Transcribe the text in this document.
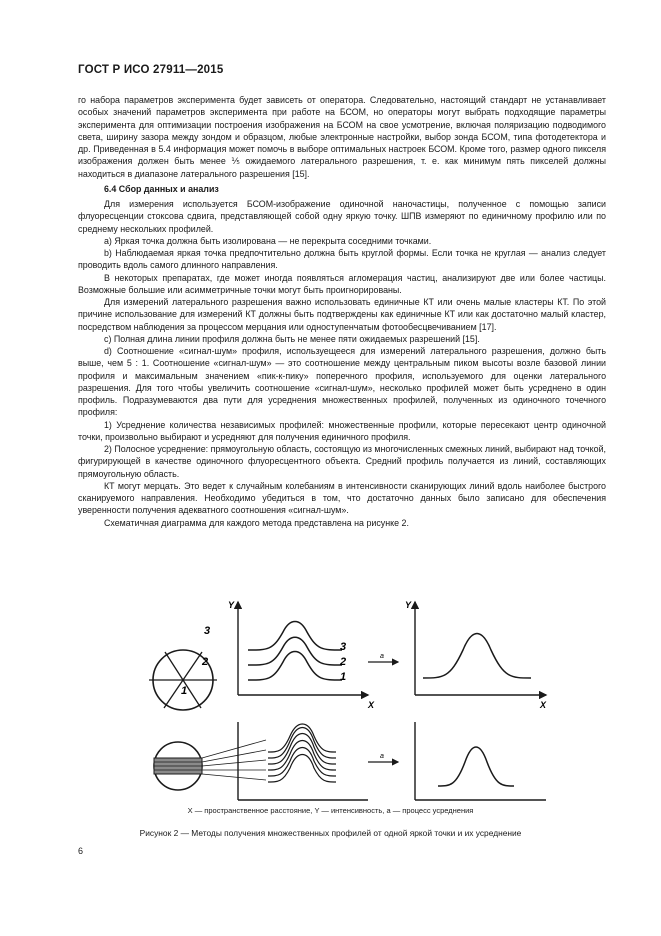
ГОСТ Р ИСО 27911—2015

го набора параметров эксперимента будет зависеть от оператора. Следовательно, настоящий стандарт не устанавливает особых значений параметров эксперимента при работе на БСОМ, но операторы могут выбрать подходящие параметры эксперимента для оптимизации построения изображения на БСОМ на свое усмотрение, включая поляризацию подводимого света, ширину зазора между зондом и образцом, любые электронные настройки, выбор зонда БСОМ, типа фотодетектора и др. Приведенная в 5.4 информация может помочь в выборе оптимальных настроек БСОМ. Кроме того, размер одного пикселя изображения должен быть менее ⅕ ожидаемого латерального разрешения, т. е. как минимум пять пикселей должны находиться в диапазоне латерального разрешения [15].

6.4 Сбор данных и анализ

Для измерения используется БСОМ-изображение одиночной наночастицы, полученное с помощью записи флуоресценции стоксова сдвига, представляющей собой одну яркую точку. ШПВ измеряют по единичному профилю или по среднему нескольких профилей.

a) Яркая точка должна быть изолирована — не перекрыта соседними точками.

b) Наблюдаемая яркая точка предпочтительно должна быть круглой формы. Если точка не круглая — анализ следует проводить вдоль самого длинного направления.

В некоторых препаратах, где может иногда появляться агломерация частиц, анализируют две или более частицы. Возможные большие или асимметричные точки могут быть проигнорированы.

Для измерений латерального разрешения важно использовать единичные КТ или очень малые кластеры КТ. По этой причине использование для измерений КТ должны быть подтверждены как единичные КТ или как достаточно малый кластер, посредством наблюдения за процессом мерцания или одноступенчатым фотообесцвечиванием [17].

c) Полная длина линии профиля должна быть не менее пяти ожидаемых разрешений [15].

d) Соотношение «сигнал-шум» профиля, используещееся для измерений латерального разрешения, должно быть выше, чем 5 : 1. Соотношение «сигнал-шум» — это соотношение между центральным пиком высоты возле базовой линии профиля и максимальным значением «пик-к-пику» поперечного профиля, используемого для оценки латерального разрешения. Для того чтобы увеличить соотношение «сигнал-шум», несколько профилей может быть усреднено в один профиль. Подразумеваются два пути для усреднения множественных профилей, полученных из одиночного точечного профиля:

1) Усреднение количества независимых профилей: множественные профили, которые пересекают центр одиночной точки, произвольно выбирают и усредняют для получения единичного профиля.

2) Полосное усреднение: прямоугольную область, состоящую из многочисленных смежных линий, выбирают над точкой, фигурирующей в качестве одиночного флуоресцентного объекта. Средний профиль получается из линий, составляющих прямоугольную область.

КТ могут мерцать. Это ведет к случайным колебаниям в интенсивности сканирующих линий вдоль наиболее быстрого сканируемого направления. Необходимо убедиться в том, что достаточно данных было записано для обеспечения уверенности получения адекватного соотношения «сигнал-шум».

Схематичная диаграмма для каждого метода представлена на рисунке 2.

3
2
1
Y
X
3
2
1
a
Y
X
a
X — пространственное расстояние, Y — интенсивность, a — процесс усреднения
Рисунок 2 — Методы получения множественных профилей от одной яркой точки и их усреднение
6
